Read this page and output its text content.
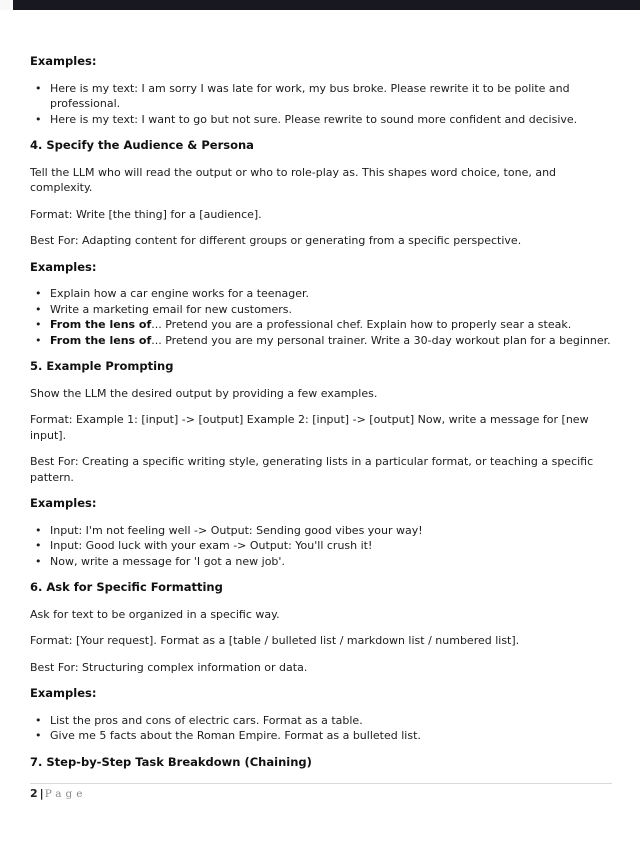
Examples:
• Here is my text: I am sorry I was late for work, my bus broke. Please rewrite it to be polite and professional.
• Here is my text: I want to go but not sure. Please rewrite to sound more confident and decisive.
4. Specify the Audience & Persona

Tell the LLM who will read the output or who to role-play as. This shapes word choice, tone, and complexity.

Format: Write [the thing] for a [audience].

Best For: Adapting content for different groups or generating from a specific perspective.

Examples:
• Explain how a car engine works for a teenager.
• Write a marketing email for new customers.
• From the lens of... Pretend you are a professional chef. Explain how to properly sear a steak.
• From the lens of... Pretend you are my personal trainer. Write a 30-day workout plan for a beginner.
5. Example Prompting

Show the LLM the desired output by providing a few examples.

Format: Example 1: [input] -> [output] Example 2: [input] -> [output] Now, write a message for [new input].

Best For: Creating a specific writing style, generating lists in a particular format, or teaching a specific pattern.

Examples:
• Input: I'm not feeling well -> Output: Sending good vibes your way!
• Input: Good luck with your exam -> Output: You'll crush it!
• Now, write a message for 'I got a new job'.
6. Ask for Specific Formatting

Ask for text to be organized in a specific way.

Format: [Your request]. Format as a [table / bulleted list / markdown list / numbered list].

Best For: Structuring complex information or data.

Examples:
• List the pros and cons of electric cars. Format as a table.
• Give me 5 facts about the Roman Empire. Format as a bulleted list.
7. Step-by-Step Task Breakdown (Chaining)
2 |Page
